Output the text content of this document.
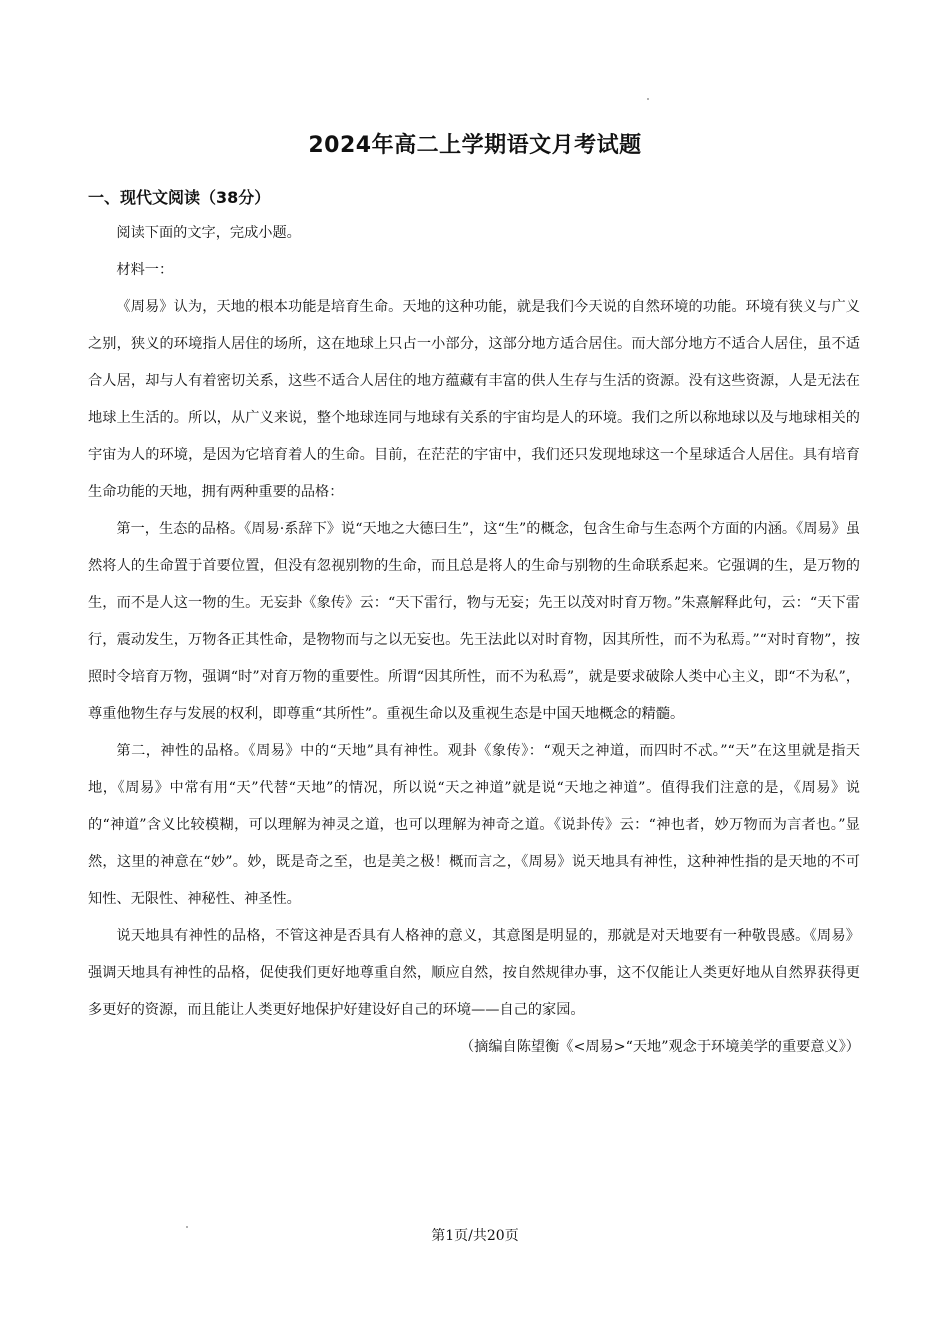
2024年高二上学期语文月考试题
一、现代文阅读（38分）

阅读下面的文字，完成小题。

材料一：

《周易》认为，天地的根本功能是培育生命。天地的这种功能，就是我们今天说的自然环境的功能。环境有狭义与广义之别，狭义的环境指人居住的场所，这在地球上只占一小部分，这部分地方适合居住。而大部分地方不适合人居住，虽不适合人居，却与人有着密切关系，这些不适合人居住的地方蕴藏有丰富的供人生存与生活的资源。没有这些资源，人是无法在地球上生活的。所以，从广义来说，整个地球连同与地球有关系的宇宙均是人的环境。我们之所以称地球以及与地球相关的宇宙为人的环境，是因为它培育着人的生命。目前，在茫茫的宇宙中，我们还只发现地球这一个星球适合人居住。具有培育生命功能的天地，拥有两种重要的品格：

第一，生态的品格。《周易·系辞下》说“天地之大德曰生”，这“生”的概念，包含生命与生态两个方面的内涵。《周易》虽然将人的生命置于首要位置，但没有忽视别物的生命，而且总是将人的生命与别物的生命联系起来。它强调的生，是万物的生，而不是人这一物的生。无妄卦《象传》云：“天下雷行，物与无妄；先王以茂对时育万物。”朱熹解释此句，云：“天下雷行，震动发生，万物各正其性命，是物物而与之以无妄也。先王法此以对时育物，因其所性，而不为私焉。”“对时育物”，按照时令培育万物，强调“时”对育万物的重要性。所谓“因其所性，而不为私焉”，就是要求破除人类中心主义，即“不为私”，尊重他物生存与发展的权利，即尊重“其所性”。重视生命以及重视生态是中国天地概念的精髓。

第二，神性的品格。《周易》中的“天地”具有神性。观卦《象传》：“观天之神道，而四时不忒。”“天”在这里就是指天地，《周易》中常有用“天”代替“天地”的情况，所以说“天之神道”就是说“天地之神道”。值得我们注意的是，《周易》说的“神道”含义比较模糊，可以理解为神灵之道，也可以理解为神奇之道。《说卦传》云：“神也者，妙万物而为言者也。”显然，这里的神意在“妙”。妙，既是奇之至，也是美之极！概而言之，《周易》说天地具有神性，这种神性指的是天地的不可知性、无限性、神秘性、神圣性。

说天地具有神性的品格，不管这神是否具有人格神的意义，其意图是明显的，那就是对天地要有一种敬畏感。《周易》强调天地具有神性的品格，促使我们更好地尊重自然，顺应自然，按自然规律办事，这不仅能让人类更好地从自然界获得更多更好的资源，而且能让人类更好地保护好建设好自己的环境——自己的家园。

（摘编自陈望衡《<周易>“天地”观念于环境美学的重要意义》）

第1页/共20页
